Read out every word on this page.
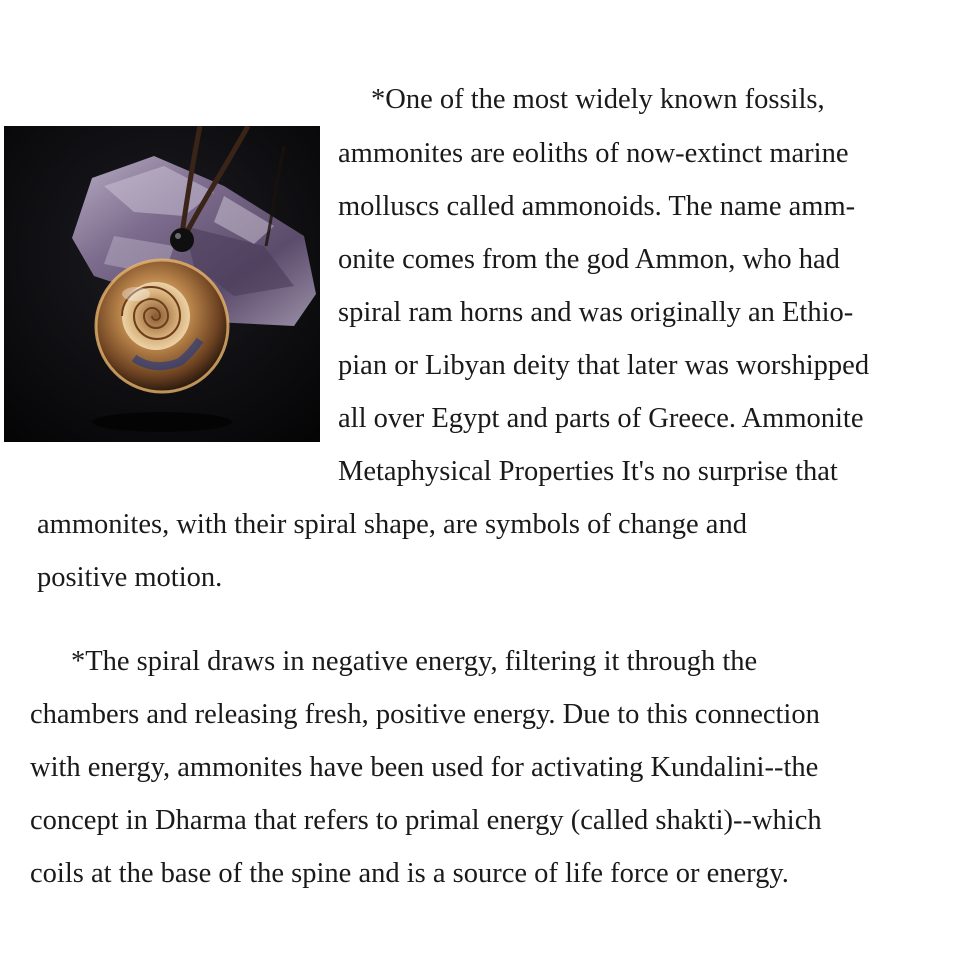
*One of the most widely known fossils,
ammonites are eoliths of now-extinct marine
molluscs called ammonoids. The name amm-
onite comes from the god Ammon, who had
spiral ram horns and was originally an Ethio-
pian or Libyan deity that later was worshipped
all over Egypt and parts of Greece. Ammonite
Metaphysical Properties It's no surprise that
ammonites, with their spiral shape, are symbols of change and
positive motion.
*The spiral draws in negative energy, filtering it through the
chambers and releasing fresh, positive energy. Due to this connection
with energy, ammonites have been used for activating Kundalini--the
concept in Dharma that refers to primal energy (called shakti)--which
coils at the base of the spine and is a source of life force or energy.
